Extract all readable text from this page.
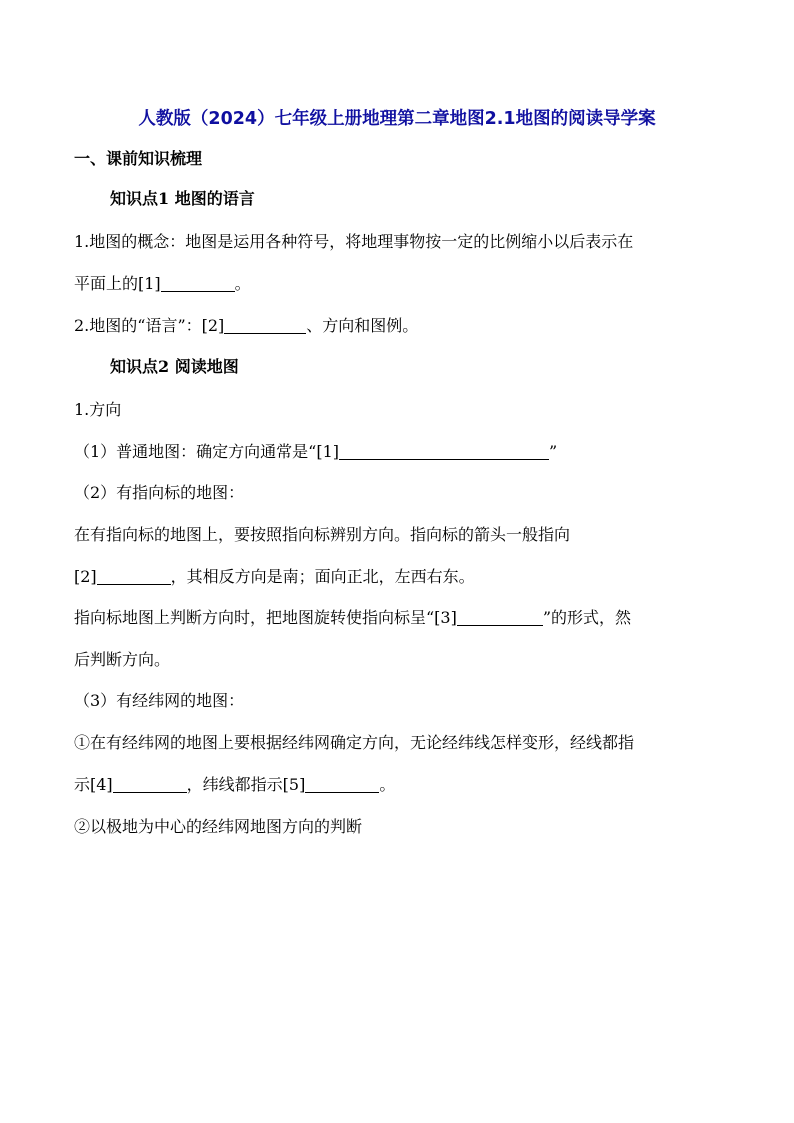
人教版（2024）七年级上册地理第二章地图2.1地图的阅读导学案
一、课前知识梳理
知识点1 地图的语言
1.地图的概念：地图是运用各种符号，将地理事物按一定的比例缩小以后表示在
平面上的[1]	。
2.地图的“语言”：[2]	、方向和图例。
知识点2 阅读地图
1.方向
（1）普通地图：确定方向通常是“[1]	”
（2）有指向标的地图：
在有指向标的地图上，要按照指向标辨别方向。指向标的箭头一般指向
[2]	，其相反方向是南；面向正北，左西右东。
指向标地图上判断方向时，把地图旋转使指向标呈“[3]	”的形式，然
后判断方向。
（3）有经纬网的地图：
①在有经纬网的地图上要根据经纬网确定方向，无论经纬线怎样变形，经线都指
示[4]	，纬线都指示[5]	。
②以极地为中心的经纬网地图方向的判断
